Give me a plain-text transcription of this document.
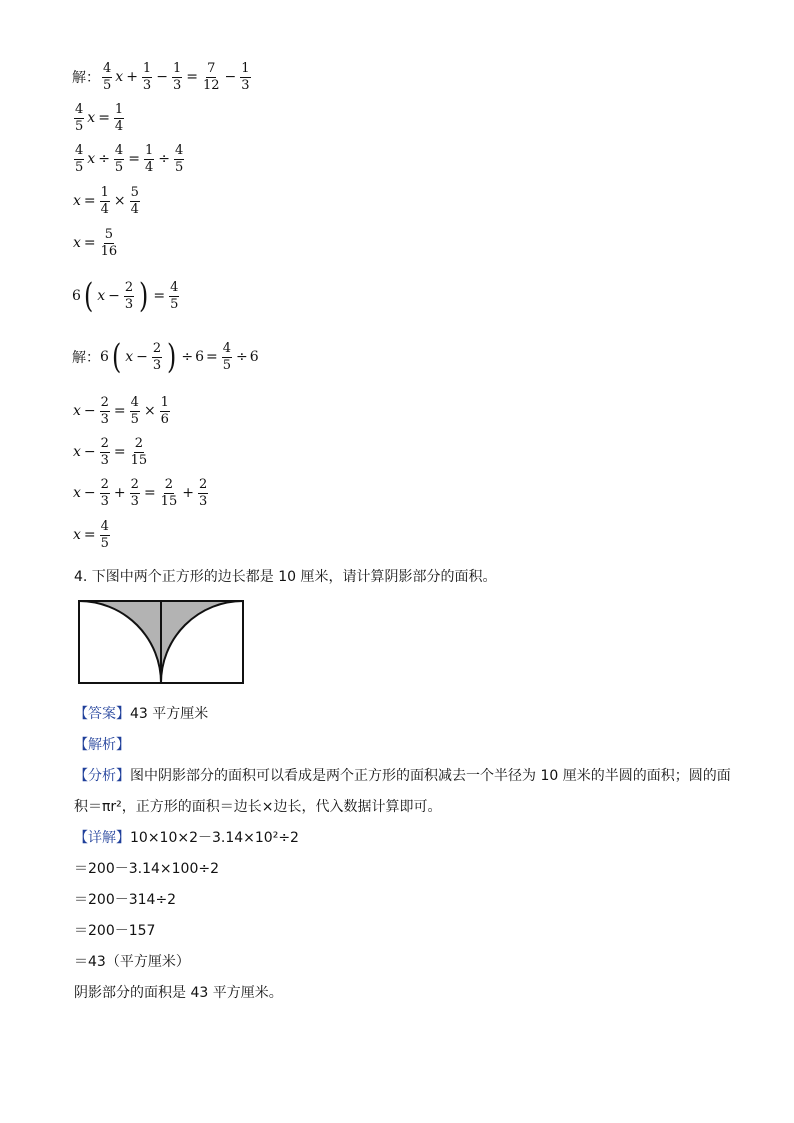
解： $\frac{4}{5}$ $x + \frac{1}{3} - \frac{1}{3} = \frac{7}{12} - \frac{1}{3}$
$\frac{4}{5}$ $x = \frac{1}{4}$
$\frac{4}{5}$ $x \div \frac{4}{5} = \frac{1}{4} \div \frac{4}{5}$
$x = \frac{1}{4} \times \frac{5}{4}$
$x = \frac{5}{16}$
6 ( $x - \frac{2}{3}$ ) = $\frac{4}{5}$
解： 6 ( $x - \frac{2}{3}$ ) ÷ $6 = \frac{4}{5} \div 6$
$x - \frac{2}{3} = \frac{4}{5} \times \frac{1}{6}$
$x - \frac{2}{3} = \frac{2}{15}$
$x - \frac{2}{3} + \frac{2}{3} = \frac{2}{15} + \frac{2}{3}$
$x = \frac{4}{5}$
4. 下图中两个正方形的边长都是 10 厘米，请计算阴影部分的面积。
【答案】 43 平方厘米
【解析】
【分析】 图中阴影部分的面积可以看成是两个正方形的面积减去一个半径为 10 厘米的半圆的面积；圆的面
积＝πr²，正方形的面积＝边长×边长，代入数据计算即可。
【详解】 10×10×2－3.14×10²÷2
＝200－3.14×100÷2
＝200－314÷2
＝200－157
＝43（平方厘米）
阴影部分的面积是 43 平方厘米。
